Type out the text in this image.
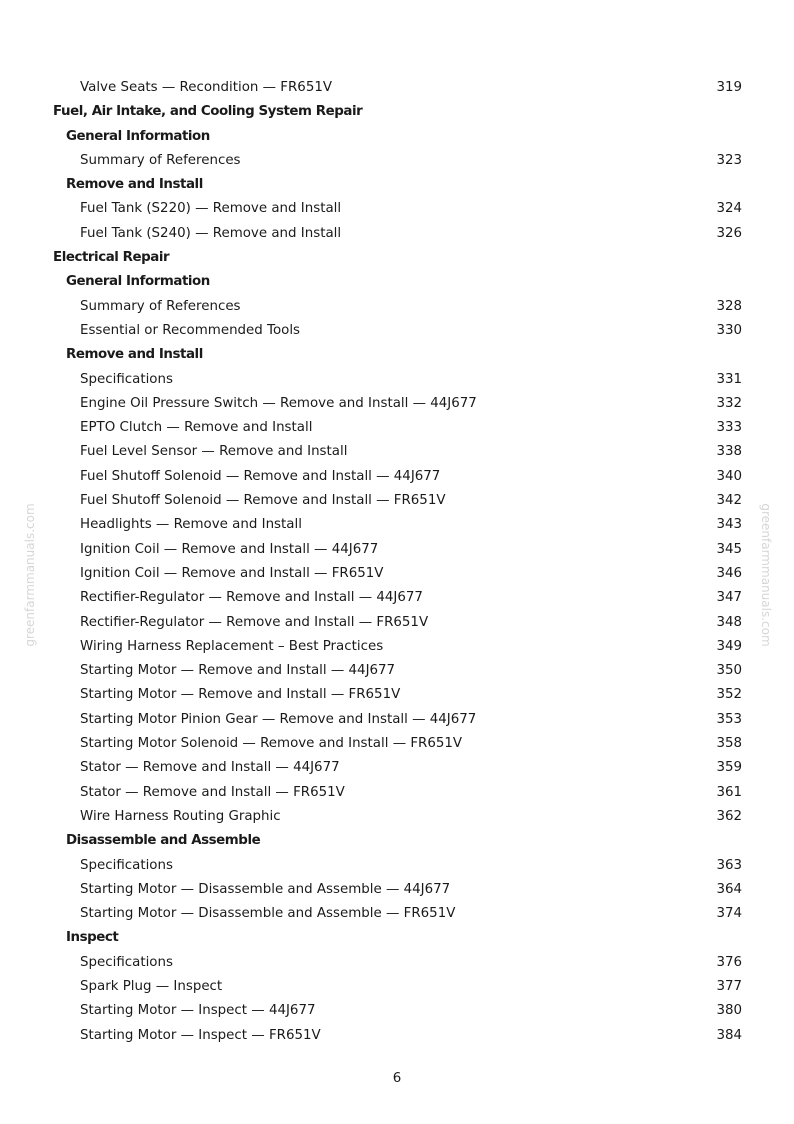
Valve Seats — Recondition — FR651V	319
Fuel, Air Intake, and Cooling System Repair
General Information
Summary of References	323
Remove and Install
Fuel Tank (S220) — Remove and Install	324
Fuel Tank (S240) — Remove and Install	326
Electrical Repair
General Information
Summary of References	328
Essential or Recommended Tools	330
Remove and Install
Specifications	331
Engine Oil Pressure Switch — Remove and Install — 44J677	332
EPTO Clutch — Remove and Install	333
Fuel Level Sensor — Remove and Install	338
Fuel Shutoff Solenoid — Remove and Install — 44J677	340
Fuel Shutoff Solenoid — Remove and Install — FR651V	342
Headlights — Remove and Install	343
Ignition Coil — Remove and Install — 44J677	345
Ignition Coil — Remove and Install — FR651V	346
Rectifier-Regulator — Remove and Install — 44J677	347
Rectifier-Regulator — Remove and Install — FR651V	348
Wiring Harness Replacement – Best Practices	349
Starting Motor — Remove and Install — 44J677	350
Starting Motor — Remove and Install — FR651V	352
Starting Motor Pinion Gear — Remove and Install — 44J677	353
Starting Motor Solenoid — Remove and Install — FR651V	358
Stator — Remove and Install — 44J677	359
Stator — Remove and Install — FR651V	361
Wire Harness Routing Graphic	362
Disassemble and Assemble
Specifications	363
Starting Motor — Disassemble and Assemble — 44J677	364
Starting Motor — Disassemble and Assemble — FR651V	374
Inspect
Specifications	376
Spark Plug — Inspect	377
Starting Motor — Inspect — 44J677	380
Starting Motor — Inspect — FR651V	384
greenfarmmanuals.com	greenfarmmanuals.com
6
